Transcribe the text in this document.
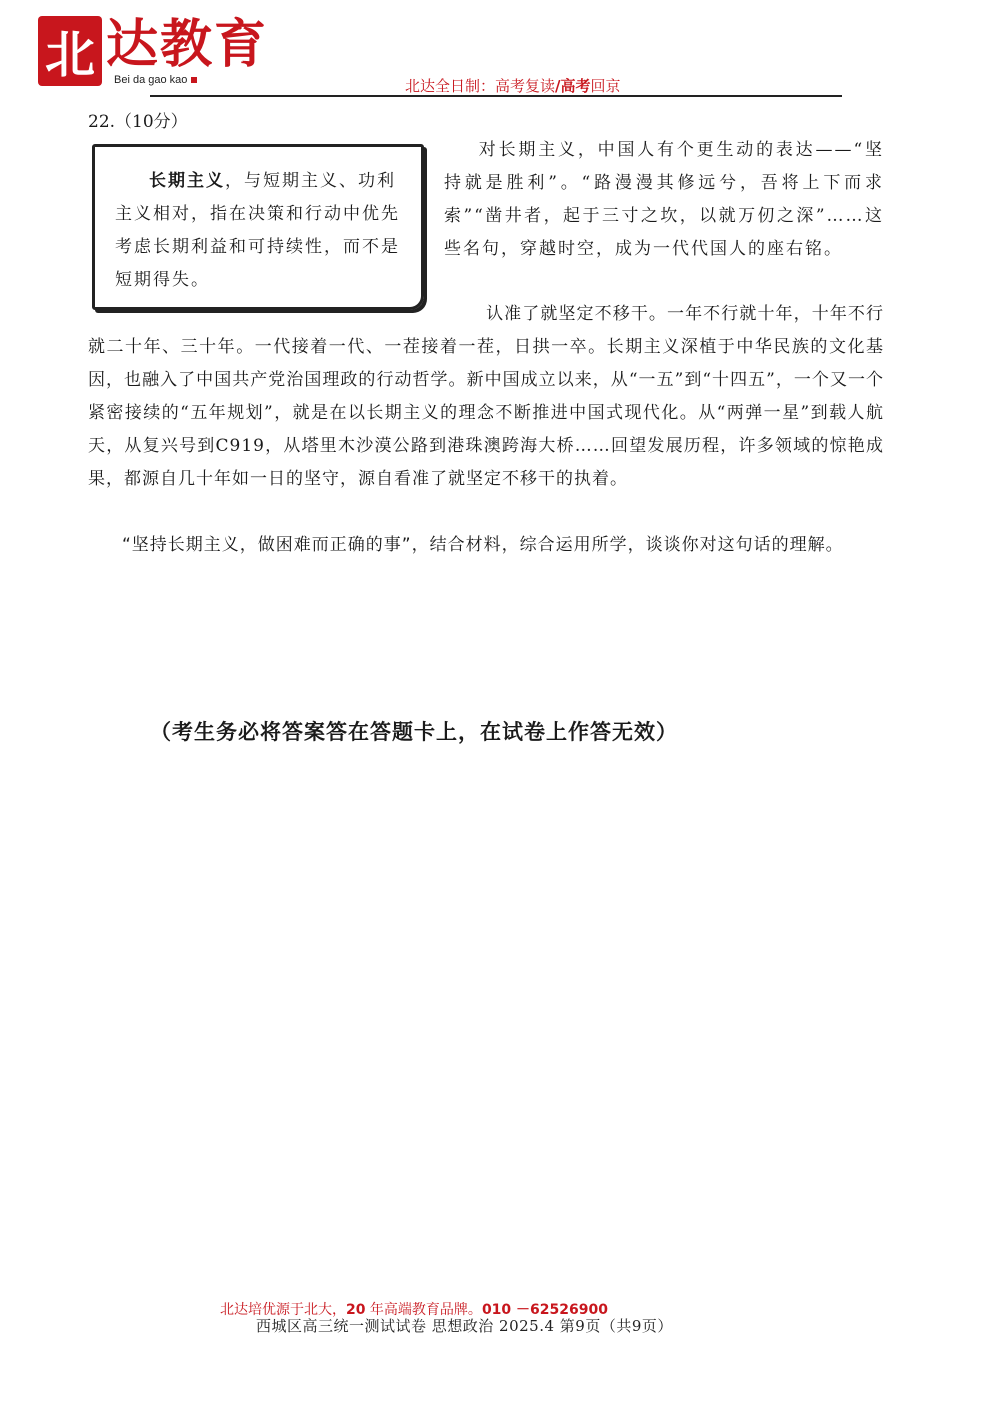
北 达教育
Bei da gao kao	北达全日制：高考复读/高考回京
22.（10分）

长期主义，与短期主义、功利主义相对，指在决策和行动中优先考虑长期利益和可持续性，而不是短期得失。

对长期主义，中国人有个更生动的表达——“坚持就是胜利”。“路漫漫其修远兮，吾将上下而求索”“凿井者，起于三寸之坎，以就万仞之深”……这些名句，穿越时空，成为一代代国人的座右铭。

认准了就坚定不移干。一年不行就十年，十年不行就二十年、三十年。一代接着一代、一茬接着一茬，日拱一卒。长期主义深植于中华民族的文化基因，也融入了中国共产党治国理政的行动哲学。新中国成立以来，从“一五”到“十四五”，一个又一个紧密接续的“五年规划”，就是在以长期主义的理念不断推进中国式现代化。从“两弹一星”到载人航天，从复兴号到C919，从塔里木沙漠公路到港珠澳跨海大桥……回望发展历程，许多领域的惊艳成果，都源自几十年如一日的坚守，源自看准了就坚定不移干的执着。

“坚持长期主义，做困难而正确的事”，结合材料，综合运用所学，谈谈你对这句话的理解。

（考生务必将答案答在答题卡上，在试卷上作答无效）
北达培优源于北大，20 年高端教育品牌。010 －62526900
西城区高三统一测试试卷 思想政治 2025.4 第9页（共9页）
